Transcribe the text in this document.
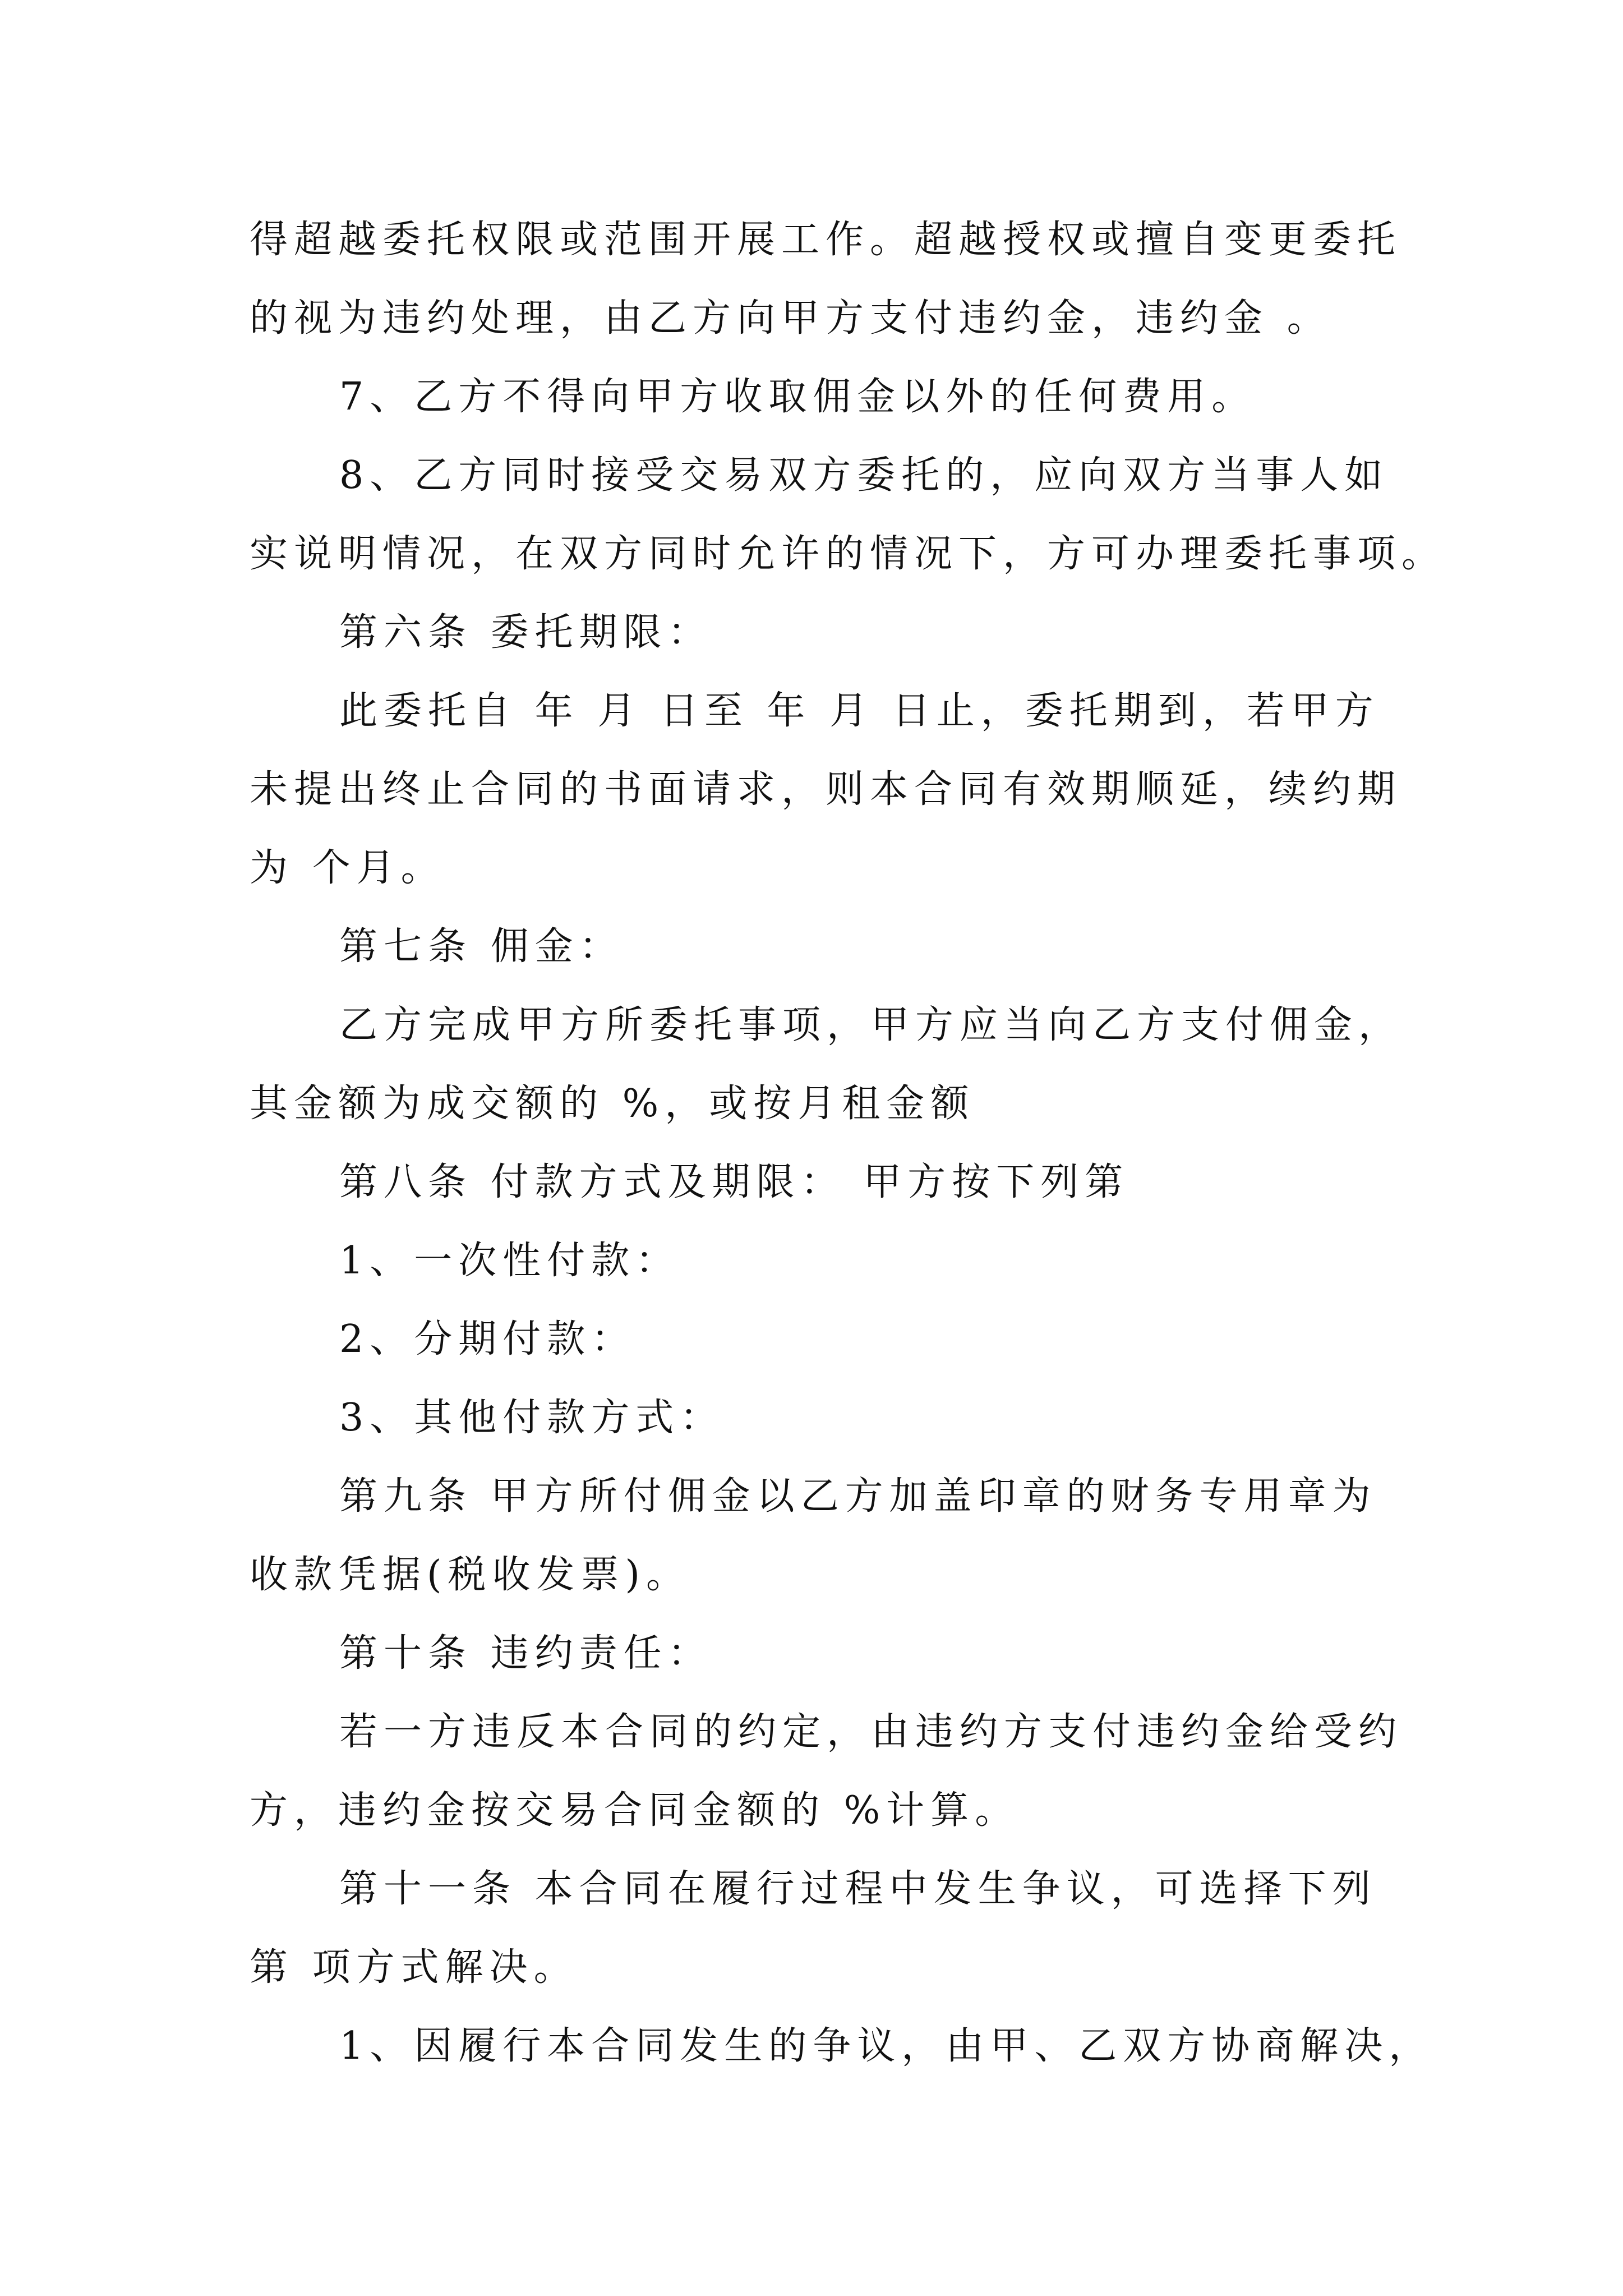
得超越委托权限或范围开展工作。超越授权或擅自变更委托
的视为违约处理，由乙方向甲方支付违约金，违约金 。
7、乙方不得向甲方收取佣金以外的任何费用。
8、乙方同时接受交易双方委托的，应向双方当事人如
实说明情况，在双方同时允许的情况下，方可办理委托事项。
第六条 委托期限：
此委托自 年 月 日至 年 月 日止，委托期到，若甲方
未提出终止合同的书面请求，则本合同有效期顺延，续约期
为 个月。
第七条 佣金：
乙方完成甲方所委托事项，甲方应当向乙方支付佣金，
其金额为成交额的 %，或按月租金额
第八条 付款方式及期限： 甲方按下列第
1、一次性付款：
2、分期付款：
3、其他付款方式：
第九条 甲方所付佣金以乙方加盖印章的财务专用章为
收款凭据(税收发票)。
第十条 违约责任：
若一方违反本合同的约定，由违约方支付违约金给受约
方，违约金按交易合同金额的 %计算。
第十一条 本合同在履行过程中发生争议，可选择下列
第 项方式解决。
1、因履行本合同发生的争议，由甲、乙双方协商解决，
